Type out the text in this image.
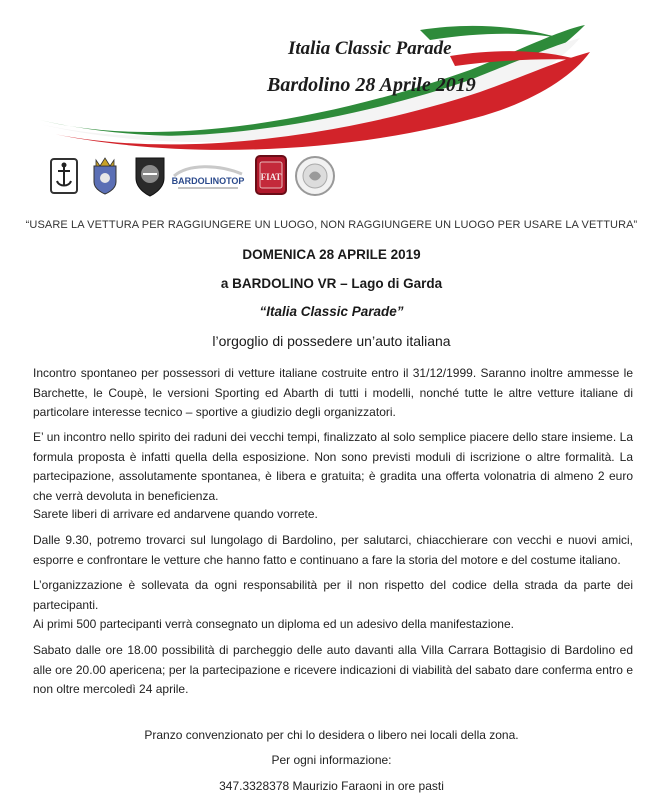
Italia Classic Parade
Bardolino 28 Aprile 2019
BARDOLINOTOP FIAT
“USARE LA VETTURA PER RAGGIUNGERE UN LUOGO, NON RAGGIUNGERE UN LUOGO PER USARE LA VETTURA”
DOMENICA 28 APRILE 2019
a BARDOLINO VR – Lago di Garda
“Italia Classic Parade”
l’orgoglio di possedere un’auto italiana
Incontro spontaneo per possessori di vetture italiane costruite entro il 31/12/1999. Saranno inoltre ammesse le Barchette, le Coupè, le versioni Sporting ed Abarth di tutti i modelli, nonché tutte le altre vetture italiane di particolare interesse tecnico – sportive a giudizio degli organizzatori.
E’ un incontro nello spirito dei raduni dei vecchi tempi, finalizzato al solo semplice piacere dello stare insieme. La formula proposta è infatti quella della esposizione. Non sono previsti moduli di iscrizione o altre formalità. La partecipazione, assolutamente spontanea, è libera e gratuita; è gradita una offerta volonatria di almeno 2 euro che verrà devoluta in beneficienza.
Sarete liberi di arrivare ed andarvene quando vorrete.
Dalle 9.30, potremo trovarci sul lungolago di Bardolino, per salutarci, chiacchierare con vecchi e nuovi amici, esporre e confrontare le vetture che hanno fatto e continuano a fare la storia del motore e del costume italiano.
L’organizzazione è sollevata da ogni responsabilità per il non rispetto del codice della strada da parte dei partecipanti.
Ai primi 500 partecipanti verrà consegnato un diploma ed un adesivo della manifestazione.
Sabato dalle ore 18.00 possibilità di parcheggio delle auto davanti alla Villa Carrara Bottagisio di Bardolino ed alle ore 20.00 apericena; per la partecipazione e ricevere indicazioni di viabilità del sabato dare conferma entro e non oltre mercoledì 24 aprile.
Pranzo convenzionato per chi lo desidera o libero nei locali della zona.
Per ogni informazione:
347.3328378 Maurizio Faraoni in ore pasti
